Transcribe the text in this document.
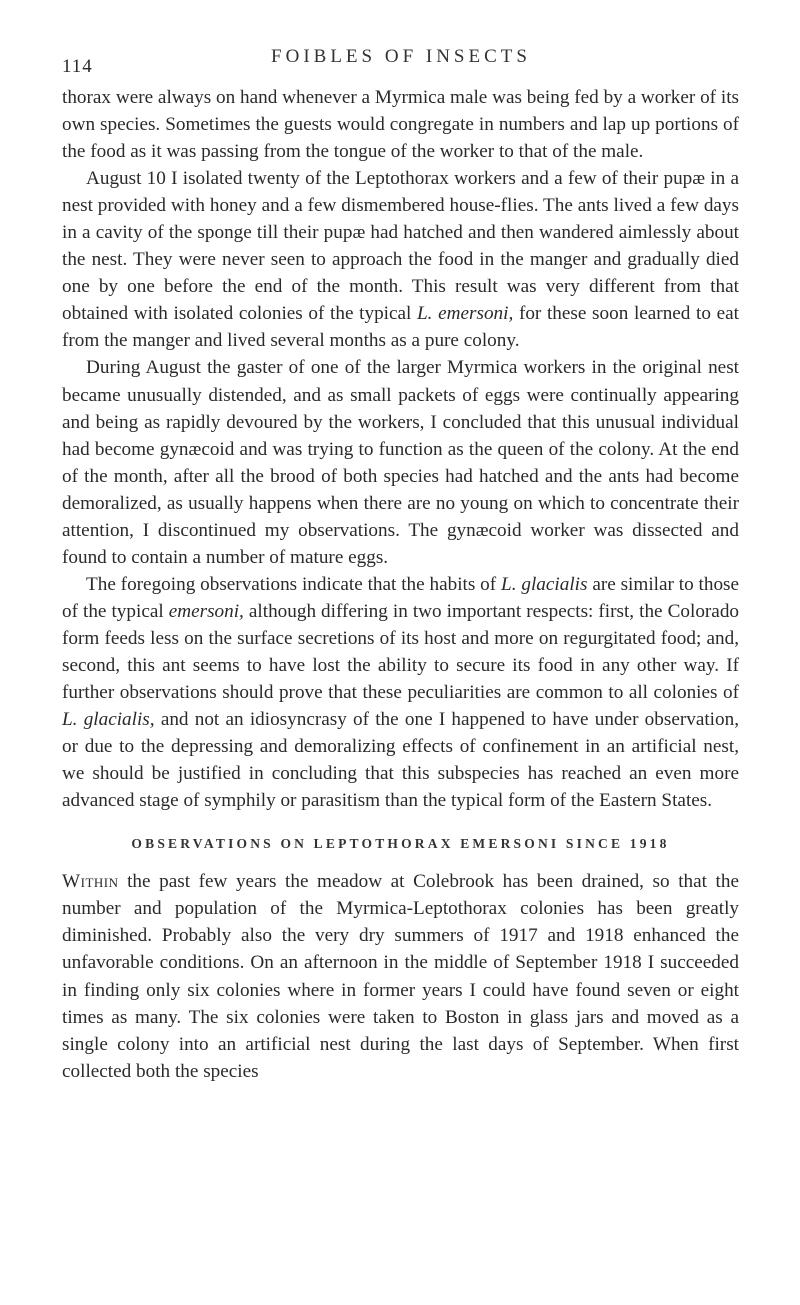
114	FOIBLES OF INSECTS

thorax were always on hand whenever a Myrmica male was being fed by a worker of its own species. Sometimes the guests would congregate in numbers and lap up portions of the food as it was passing from the tongue of the worker to that of the male.

August 10 I isolated twenty of the Leptothorax workers and a few of their pupæ in a nest provided with honey and a few dismembered house-flies. The ants lived a few days in a cavity of the sponge till their pupæ had hatched and then wandered aimlessly about the nest. They were never seen to approach the food in the manger and gradually died one by one before the end of the month. This result was very different from that obtained with isolated colonies of the typical L. emersoni, for these soon learned to eat from the manger and lived several months as a pure colony.

During August the gaster of one of the larger Myrmica workers in the original nest became unusually distended, and as small packets of eggs were continually appearing and being as rapidly devoured by the workers, I concluded that this unusual individual had become gynæcoid and was trying to function as the queen of the colony. At the end of the month, after all the brood of both species had hatched and the ants had become demoralized, as usually happens when there are no young on which to concentrate their attention, I discontinued my observations. The gynæcoid worker was dissected and found to contain a number of mature eggs.

The foregoing observations indicate that the habits of L. glacialis are similar to those of the typical emersoni, although differing in two important respects: first, the Colorado form feeds less on the surface secretions of its host and more on regurgitated food; and, second, this ant seems to have lost the ability to secure its food in any other way. If further observations should prove that these peculiarities are common to all colonies of L. glacialis, and not an idiosyncrasy of the one I happened to have under observation, or due to the depressing and demoralizing effects of confinement in an artificial nest, we should be justified in concluding that this subspecies has reached an even more advanced stage of symphily or parasitism than the typical form of the Eastern States.

OBSERVATIONS ON LEPTOTHORAX EMERSONI SINCE 1918

Within the past few years the meadow at Colebrook has been drained, so that the number and population of the Myrmica-Leptothorax colonies has been greatly diminished. Probably also the very dry summers of 1917 and 1918 enhanced the unfavorable conditions. On an afternoon in the middle of September 1918 I succeeded in finding only six colonies where in former years I could have found seven or eight times as many. The six colonies were taken to Boston in glass jars and moved as a single colony into an artificial nest during the last days of September. When first collected both the species
